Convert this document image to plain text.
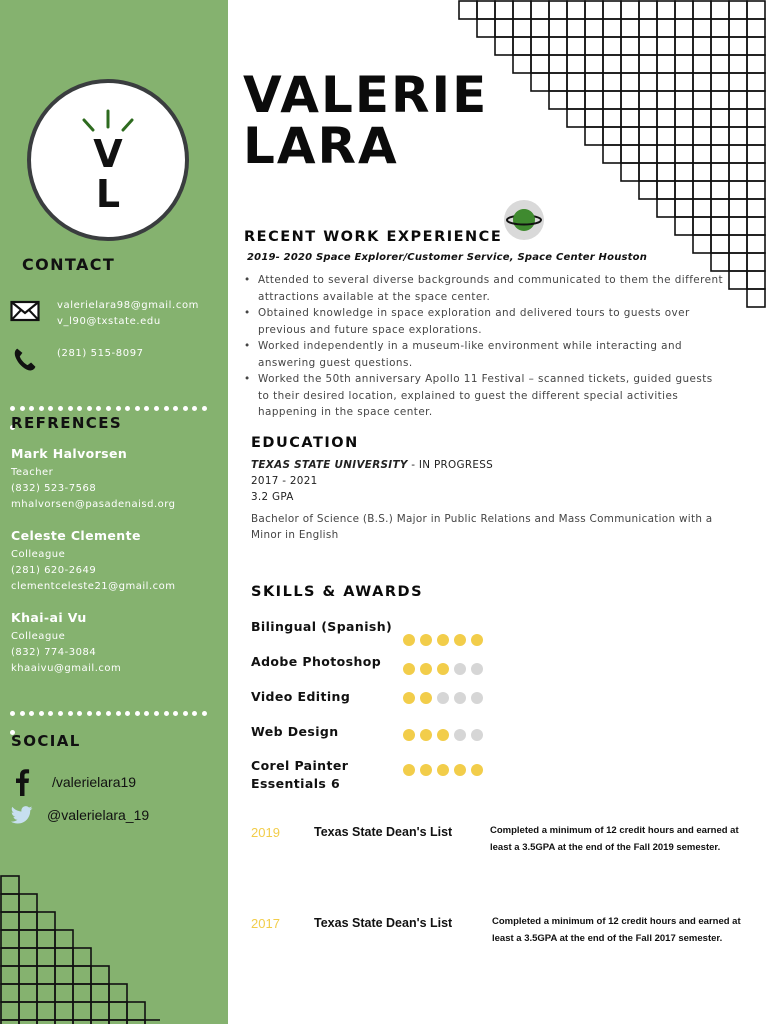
V
L
CONTACT
valerielara98@gmail.com
v_l90@txstate.edu
(281) 515-8097
REFRENCES
Mark Halvorsen
Teacher
(832) 523-7568
mhalvorsen@pasadenaisd.org
Celeste Clemente
Colleague
(281) 620-2649
clementceleste21@gmail.com
Khai-ai Vu
Colleague
(832) 774-3084
khaaivu@gmail.com
SOCIAL
/valerielara19
@valerielara_19
VALERIE
LARA
RECENT WORK EXPERIENCE
2019- 2020 Space Explorer/Customer Service, Space Center Houston
• Attended to several diverse backgrounds and communicated to them the different attractions available at the space center.
• Obtained knowledge in space exploration and delivered tours to guests over previous and future space explorations.
• Worked independently in a museum-like environment while interacting and answering guest questions.
• Worked the 50th anniversary Apollo 11 Festival – scanned tickets, guided guests to their desired location, explained to guest the different special activities happening in the space center.
EDUCATION
TEXAS STATE UNIVERSITY - IN PROGRESS
2017 - 2021
3.2 GPA
Bachelor of Science (B.S.) Major in Public Relations and Mass Communication with a Minor in English
SKILLS & AWARDS
Bilingual (Spanish)
Adobe Photoshop
Video Editing
Web Design
Corel Painter Essentials 6
2019	Texas State Dean's List	Completed a minimum of 12 credit hours and earned at least a 3.5GPA at the end of the Fall 2019 semester.
2017	Texas State Dean's List	Completed a minimum of 12 credit hours and earned at least a 3.5GPA at the end of the Fall 2017 semester.
